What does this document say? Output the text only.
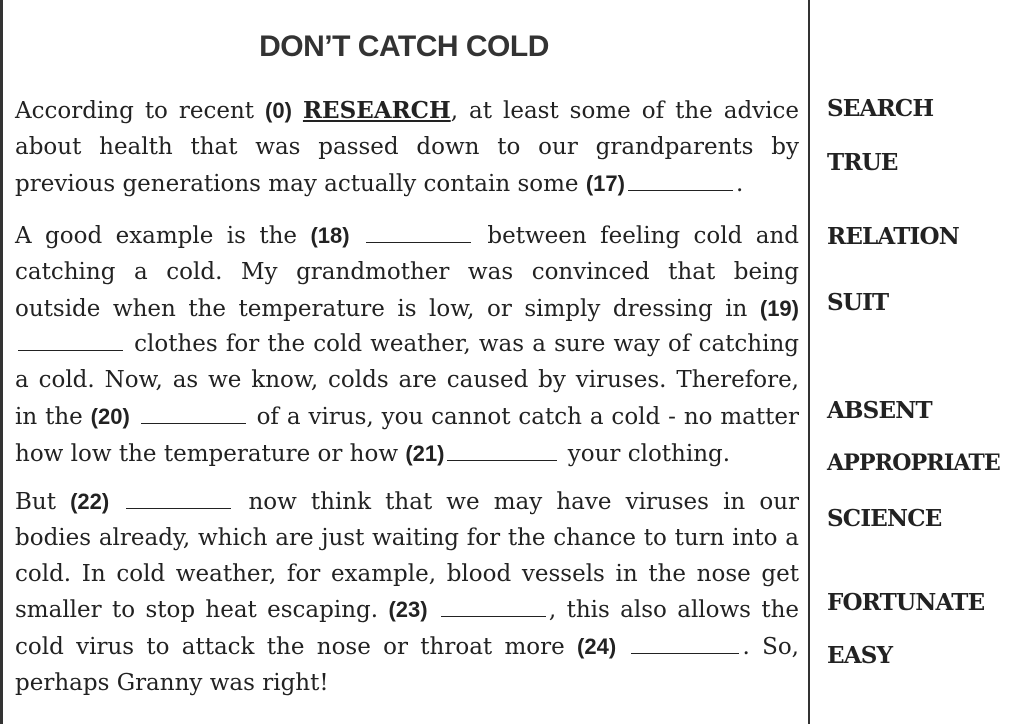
DON’T CATCH COLD
According to recent (0) RESEARCH, at least some of the advice about health that was passed down to our grandparents by previous generations may actually contain some (17)	.
A good example is the (18)	between feeling cold and catching a cold. My grandmother was convinced that being outside when the temperature is low, or simply dressing in (19) clothes for the cold weather, was a sure way of catching a cold. Now, as we know, colds are caused by viruses. Therefore, in the (20)	of a virus, you cannot catch a cold - no matter how low the temperature or how (21)	your clothing.
But (22)	now think that we may have viruses in our bodies already, which are just waiting for the chance to turn into a cold. In cold weather, for example, blood vessels in the nose get smaller to stop heat escaping. (23)	, this also allows the cold virus to attack the nose or throat more (24)	. So, perhaps Granny was right!
SEARCH
TRUE
RELATION
SUIT
ABSENT
APPROPRIATE
SCIENCE
FORTUNATE
EASY
